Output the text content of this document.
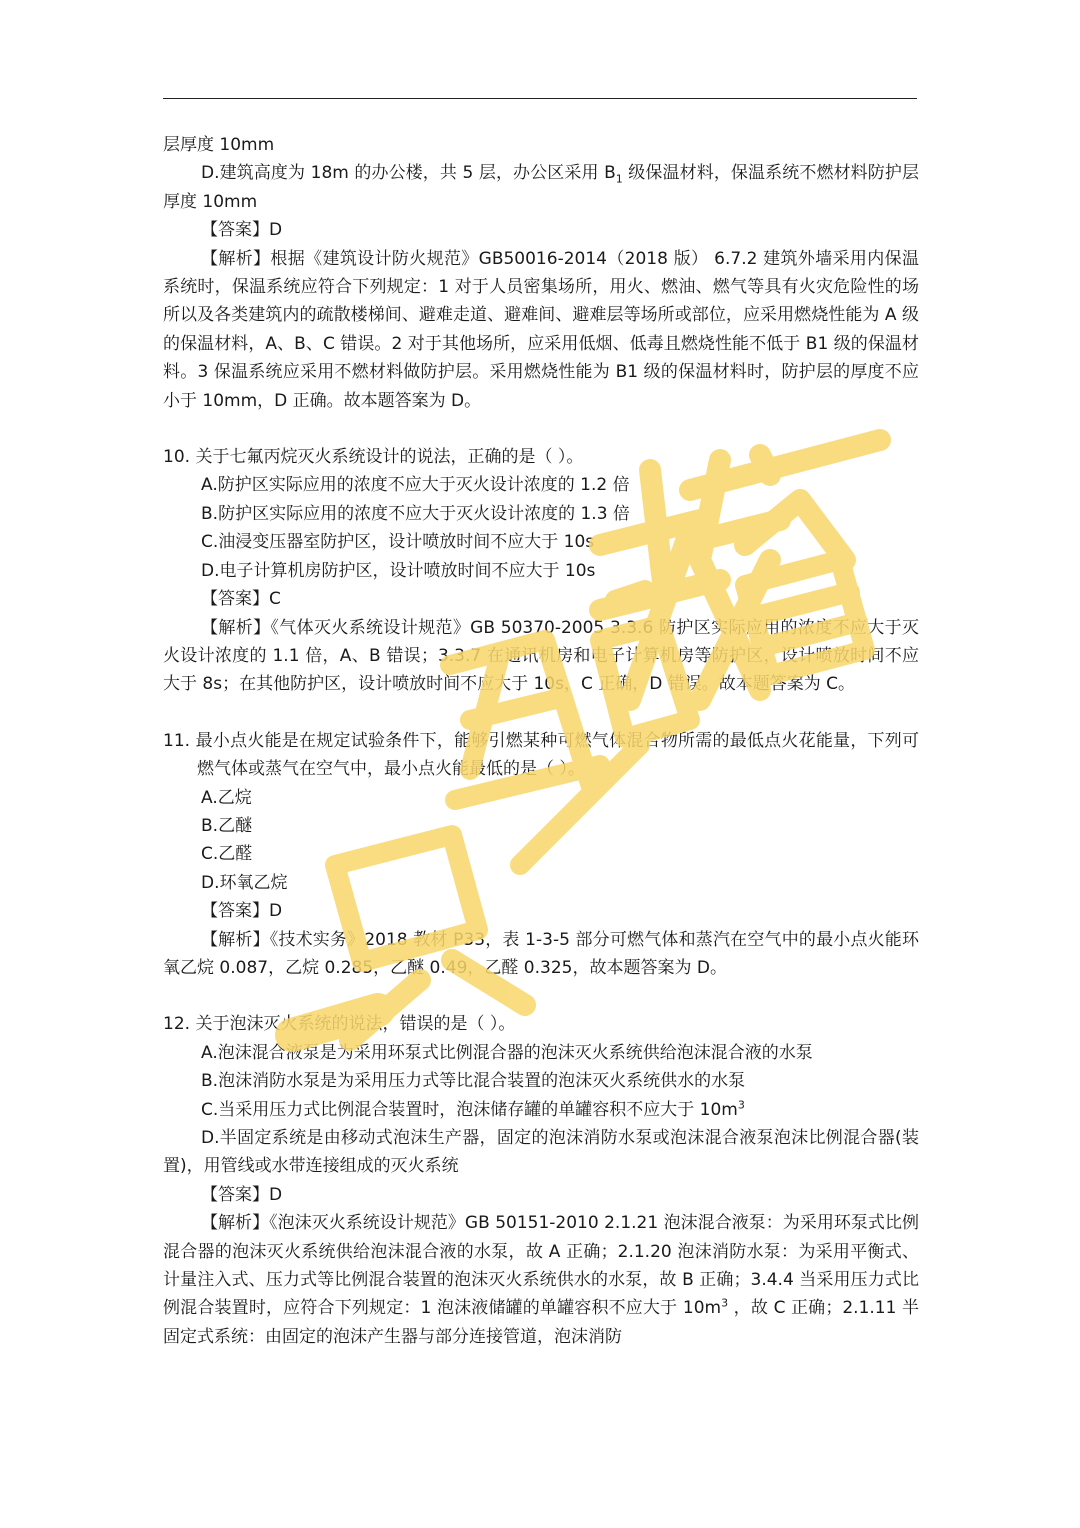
层厚度 10mm
D.建筑高度为 18m 的办公楼，共 5 层，办公区采用 $B_1$ 级保温材料，保温系统不燃材料防护层厚度 10mm
【答案】D
【解析】根据《建筑设计防火规范》GB50016-2014（2018 版） 6.7.2 建筑外墙采用内保温系统时，保温系统应符合下列规定：1 对于人员密集场所，用火、燃油、燃气等具有火灾危险性的场所以及各类建筑内的疏散楼梯间、避难走道、避难间、避难层等场所或部位，应采用燃烧性能为 A 级的保温材料，A、B、C 错误。2 对于其他场所，应采用低烟、低毒且燃烧性能不低于 B1 级的保温材料。3 保温系统应采用不燃材料做防护层。采用燃烧性能为 B1 级的保温材料时，防护层的厚度不应小于 10mm，D 正确。故本题答案为 D。
10. 关于七氟丙烷灭火系统设计的说法，正确的是（ ）。
A.防护区实际应用的浓度不应大于灭火设计浓度的 1.2 倍
B.防护区实际应用的浓度不应大于灭火设计浓度的 1.3 倍
C.油浸变压器室防护区，设计喷放时间不应大于 10s
D.电子计算机房防护区，设计喷放时间不应大于 10s
【答案】C
【解析】《气体灭火系统设计规范》GB 50370-2005 3.3.6 防护区实际应用的浓度不应大于灭火设计浓度的 1.1 倍，A、B 错误；3.3.7 在通讯机房和电子计算机房等防护区，设计喷放时间不应大于 8s；在其他防护区，设计喷放时间不应大于 10s，C 正确，D 错误。故本题答案为 C。
11. 最小点火能是在规定试验条件下，能够引燃某种可燃气体混合物所需的最低点火花能量，下列可燃气体或蒸气在空气中，最小点火能最低的是（ ）。
A.乙烷
B.乙醚
C.乙醛
D.环氧乙烷
【答案】D
【解析】《技术实务》2018 教材 P33，表 1-3-5 部分可燃气体和蒸汽在空气中的最小点火能环氧乙烷 0.087，乙烷 0.285，乙醚 0.49，乙醛 0.325，故本题答案为 D。
12. 关于泡沫灭火系统的说法，错误的是（ ）。
A.泡沫混合液泵是为采用环泵式比例混合器的泡沫灭火系统供给泡沫混合液的水泵
B.泡沫消防水泵是为采用压力式等比混合装置的泡沫灭火系统供水的水泵
C.当采用压力式比例混合装置时，泡沫储存罐的单罐容积不应大于 $10m^3$
D.半固定系统是由移动式泡沫生产器，固定的泡沫消防水泵或泡沫混合液泵泡沫比例混合器(装置)，用管线或水带连接组成的灭火系统
【答案】D
【解析】《泡沫灭火系统设计规范》GB 50151-2010 2.1.21 泡沫混合液泵：为采用环泵式比例混合器的泡沫灭火系统供给泡沫混合液的水泵，故 A 正确；2.1.20 泡沫消防水泵：为采用平衡式、计量注入式、压力式等比例混合装置的泡沫灭火系统供水的水泵，故 B 正确；3.4.4 当采用压力式比例混合装置时，应符合下列规定：1 泡沫液储罐的单罐容积不应大于 $10m^3$ ，故 C 正确；2.1.11 半固定式系统：由固定的泡沫产生器与部分连接管道，泡沫消防
